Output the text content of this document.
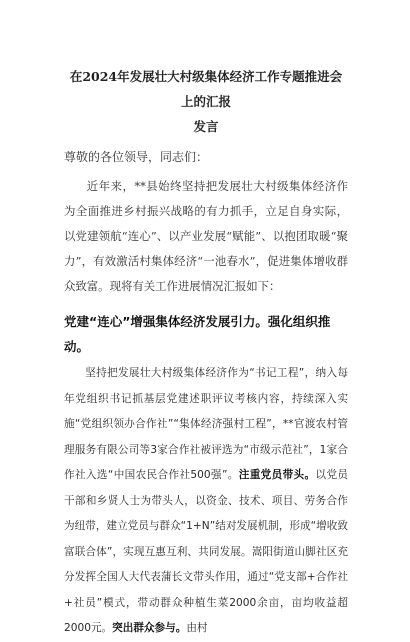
在2024年发展壮大村级集体经济工作专题推进会上的汇报
发言

尊敬的各位领导，同志们：

近年来，**县始终坚持把发展壮大村级集体经济作为全面推进乡村振兴战略的有力抓手，立足自身实际，以党建领航“连心”、以产业发展“赋能”、以抱团取暖“聚力”，有效激活村集体经济“一池春水”，促进集体增收群众致富。现将有关工作进展情况汇报如下：

党建“连心”增强集体经济发展引力。强化组织推动。

坚持把发展壮大村级集体经济作为“书记工程”，纳入每年党组织书记抓基层党建述职评议考核内容，持续深入实施“党组织领办合作社”“集体经济强村工程”，**官渡农村管理服务有限公司等3家合作社被评选为“市级示范社”，1家合作社入选“中国农民合作社500强”。注重党员带头。以党员干部和乡贤人士为带头人，以资金、技术、项目、劳务合作为纽带，建立党员与群众“1+N”结对发展机制，形成“增收致富联合体”，实现互惠互利、共同发展。嵩阳街道山脚社区充分发挥全国人大代表蒲长文带头作用，通过“党支部+合作社+社员”模式，带动群众种植生菜2000余亩，亩均收益超2000元。突出群众参与。由村
